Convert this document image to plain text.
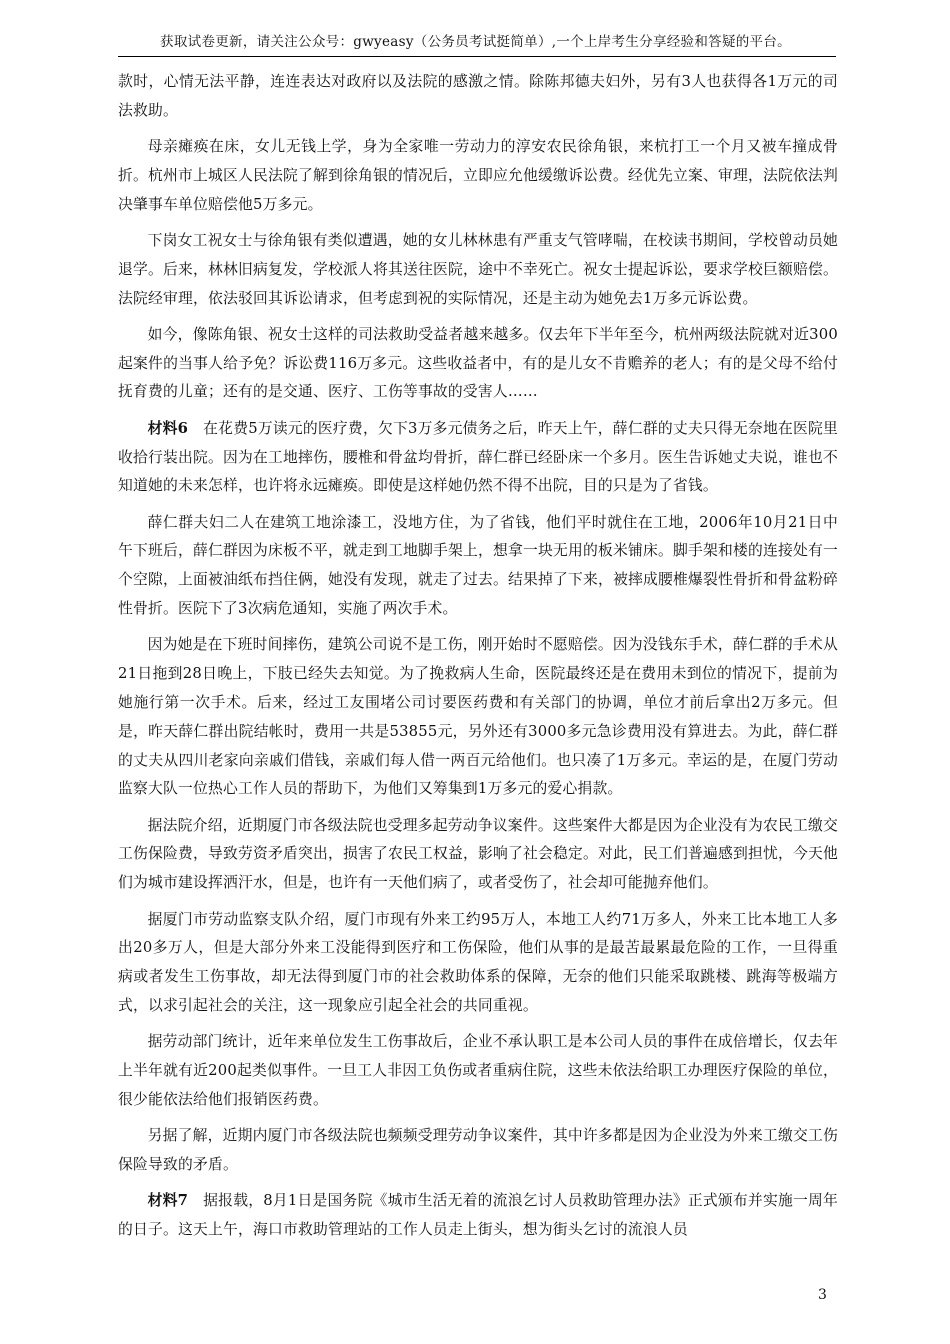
获取试卷更新，请关注公众号：gwyeasy（公务员考试挺简单）,一个上岸考生分享经验和答疑的平台。

款时，心情无法平静，连连表达对政府以及法院的感激之情。除陈邦德夫妇外，另有3人也获得各1万元的司法救助。

母亲瘫痪在床，女儿无钱上学，身为全家唯一劳动力的淳安农民徐角银，来杭打工一个月又被车撞成骨折。杭州市上城区人民法院了解到徐角银的情况后，立即应允他缓缴诉讼费。经优先立案、审理，法院依法判决肇事车单位赔偿他5万多元。

下岗女工祝女士与徐角银有类似遭遇，她的女儿林林患有严重支气管哮喘，在校读书期间，学校曾动员她退学。后来，林林旧病复发，学校派人将其送往医院，途中不幸死亡。祝女士提起诉讼，要求学校巨额赔偿。法院经审理，依法驳回其诉讼请求，但考虑到祝的实际情况，还是主动为她免去1万多元诉讼费。

如今，像陈角银、祝女士这样的司法救助受益者越来越多。仅去年下半年至今，杭州两级法院就对近300起案件的当事人给予免？诉讼费116万多元。这些收益者中，有的是儿女不肯赡养的老人；有的是父母不给付抚育费的儿童；还有的是交通、医疗、工伤等事故的受害人……

材料6　 在花费5万读元的医疗费，欠下3万多元债务之后，昨天上午，薛仁群的丈夫只得无奈地在医院里收拾行装出院。因为在工地摔伤，腰椎和骨盆均骨折，薛仁群已经卧床一个多月。医生告诉她丈夫说，谁也不知道她的未来怎样，也许将永远瘫痪。即使是这样她仍然不得不出院，目的只是为了省钱。

薛仁群夫妇二人在建筑工地涂漆工，没地方住，为了省钱，他们平时就住在工地，2006年10月21日中午下班后，薛仁群因为床板不平，就走到工地脚手架上，想拿一块无用的板米铺床。脚手架和楼的连接处有一个空隙，上面被油纸布挡住俩，她没有发现，就走了过去。结果掉了下来，被摔成腰椎爆裂性骨折和骨盆粉碎性骨折。医院下了3次病危通知，实施了两次手术。

因为她是在下班时间摔伤，建筑公司说不是工伤，刚开始时不愿赔偿。因为没钱东手术，薛仁群的手术从21日拖到28日晚上，下肢已经失去知觉。为了挽救病人生命，医院最终还是在费用未到位的情况下，提前为她施行第一次手术。后来，经过工友围堵公司讨要医药费和有关部门的协调，单位才前后拿出2万多元。但是，昨天薛仁群出院结帐时，费用一共是53855元，另外还有3000多元急诊费用没有算进去。为此，薛仁群的丈夫从四川老家向亲戚们借钱，亲戚们每人借一两百元给他们。也只凑了1万多元。幸运的是，在厦门劳动监察大队一位热心工作人员的帮助下，为他们又筹集到1万多元的爱心捐款。

据法院介绍，近期厦门市各级法院也受理多起劳动争议案件。这些案件大都是因为企业没有为农民工缴交工伤保险费，导致劳资矛盾突出，损害了农民工权益，影响了社会稳定。对此，民工们普遍感到担忧，今天他们为城市建设挥洒汗水，但是，也许有一天他们病了，或者受伤了，社会却可能抛弃他们。

据厦门市劳动监察支队介绍，厦门市现有外来工约95万人，本地工人约71万多人，外来工比本地工人多出20多万人，但是大部分外来工没能得到医疗和工伤保险，他们从事的是最苦最累最危险的工作，一旦得重病或者发生工伤事故，却无法得到厦门市的社会救助体系的保障，无奈的他们只能采取跳楼、跳海等极端方式，以求引起社会的关注，这一现象应引起全社会的共同重视。

据劳动部门统计，近年来单位发生工伤事故后，企业不承认职工是本公司人员的事件在成倍增长，仅去年上半年就有近200起类似事件。一旦工人非因工负伤或者重病住院，这些未依法给职工办理医疗保险的单位，很少能依法给他们报销医药费。

另据了解，近期内厦门市各级法院也频频受理劳动争议案件，其中许多都是因为企业没为外来工缴交工伤保险导致的矛盾。

材料7　 据报载，8月1日是国务院《城市生活无着的流浪乞讨人员救助管理办法》正式颁布并实施一周年的日子。这天上午，海口市救助管理站的工作人员走上街头，想为街头乞讨的流浪人员

3
